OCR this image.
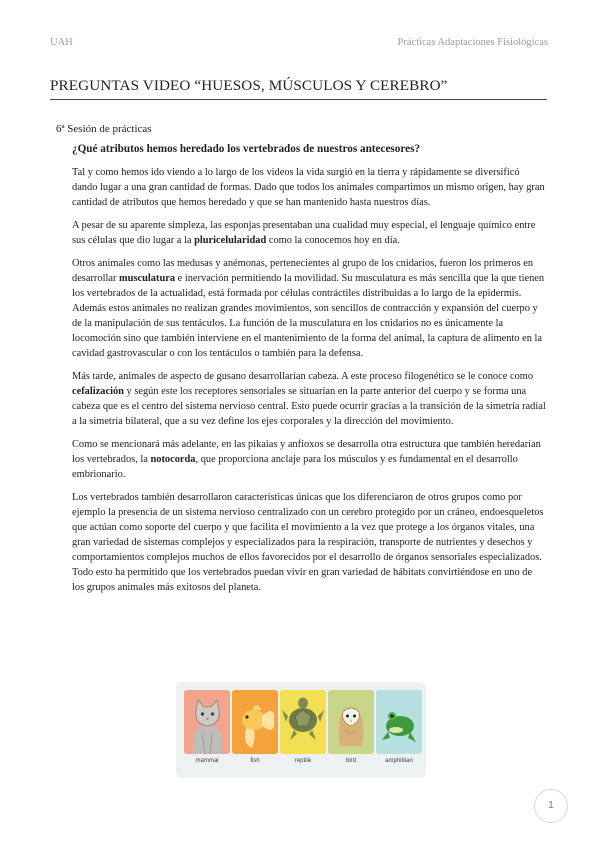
UAH	Prácticas Adaptaciones Fisiológicas
PREGUNTAS VIDEO “HUESOS, MÚSCULOS Y CEREBRO”
6ª Sesión de prácticas
¿Qué atributos hemos heredado los vertebrados de nuestros antecesores?

Tal y como hemos ido viendo a lo largo de los videos la vida surgió en la tierra y rápidamente se diversificó dando lugar a una gran cantidad de formas. Dado que todos los animales compartimos un mismo origen, hay gran cantidad de atributos que hemos heredado y que se han mantenido hasta nuestros días.

A pesar de su aparente simpleza, las esponjas presentaban una cualidad muy especial, el lenguaje químico entre sus células que dio lugar a la pluricelularidad como la conocemos hoy en día.

Otros animales como las medusas y anémonas, pertenecientes al grupo de los cnidarios, fueron los primeros en desarrollar musculatura e inervación permitiendo la movilidad. Su musculatura es más sencilla que la que tienen los vertebrados de la actualidad, está formada por células contráctiles distribuidas a lo largo de la epidermis. Además estos animales no realizan grandes movimientos, son sencillos de contracción y expansión del cuerpo y de la manipulación de sus tentáculos. La función de la musculatura en los cnidarios no es únicamente la locomoción sino que también interviene en el mantenimiento de la forma del animal, la captura de alimento en la cavidad gastrovascular o con los tentáculos o también para la defensa.

Más tarde, animales de aspecto de gusano desarrollarían cabeza. A este proceso filogenético se le conoce como cefalización y según este los receptores sensoriales se situarían en la parte anterior del cuerpo y se forma una cabeza que es el centro del sistema nervioso central. Esto puede ocurrir gracias a la transición de la simetría radial a la simetría bilateral, que a su vez define los ejes corporales y la dirección del movimiento.

Como se mencionará más adelante, en las pikaias y anfioxos se desarrolla otra estructura que también heredarían los vertebrados, la notocorda, que proporciona anclaje para los músculos y es fundamental en el desarrollo embrionario.

Los vertebrados también desarrollaron características únicas que los diferenciaron de otros grupos como por ejemplo la presencia de un sistema nervioso centralizado con un cerebro protegido por un cráneo, endoesqueletos que actúan como soporte del cuerpo y que facilita el movimiento a la vez que protege a los órganos vitales, una gran variedad de sistemas complejos y especializados para la respiración, transporte de nutrientes y desechos y comportamientos complejos muchos de ellos favorecidos por el desarrollo de órganos sensoriales especializados. Todo esto ha permitido que los vertebrados puedan vivir en gran variedad de hábitats convirtiéndose en uno de los grupos animales más exitosos del planeta.

mammal	fish	reptile	bird	amphibian
1
